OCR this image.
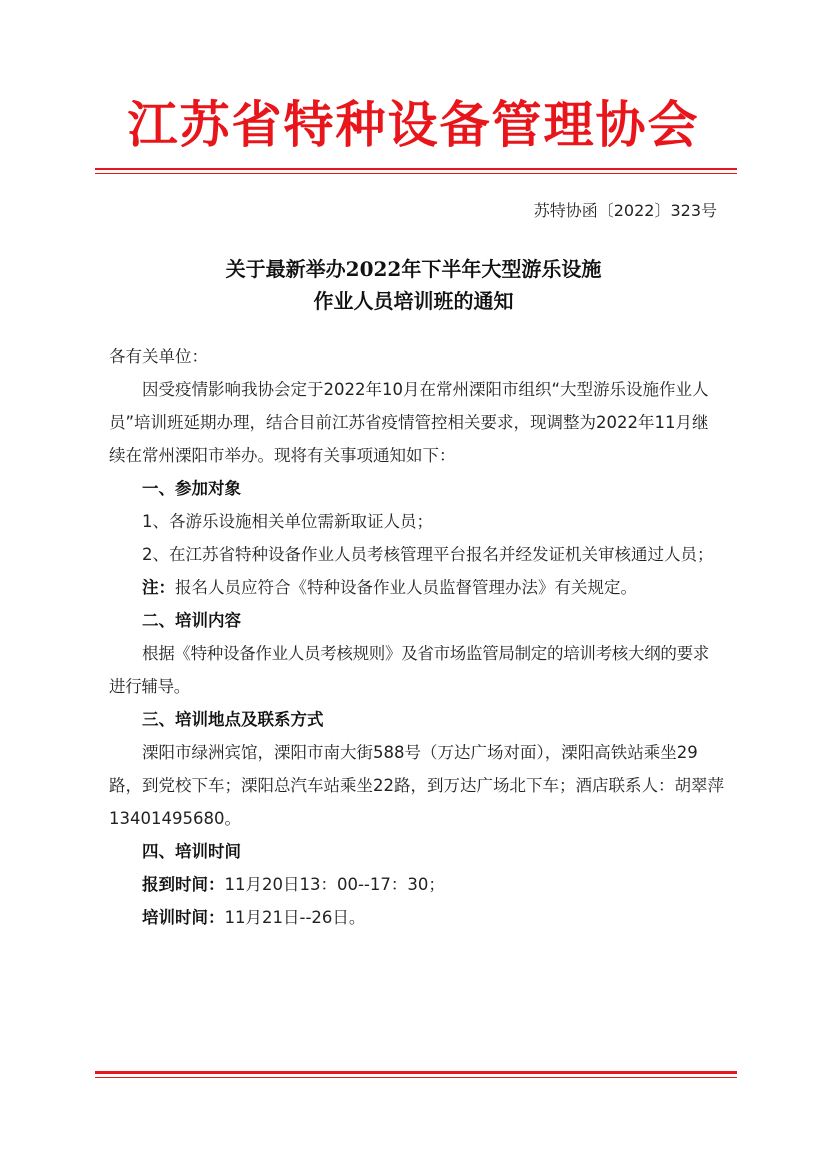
江苏省特种设备管理协会
苏特协函〔2022〕323号
关于最新举办2022年下半年大型游乐设施
作业人员培训班的通知

各有关单位：

因受疫情影响我协会定于2022年10月在常州溧阳市组织“大型游乐设施作业人员”培训班延期办理，结合目前江苏省疫情管控相关要求，现调整为2022年11月继续在常州溧阳市举办。现将有关事项通知如下：

一、参加对象

1、各游乐设施相关单位需新取证人员；

2、在江苏省特种设备作业人员考核管理平台报名并经发证机关审核通过人员；

注：报名人员应符合《特种设备作业人员监督管理办法》有关规定。

二、培训内容

根据《特种设备作业人员考核规则》及省市场监管局制定的培训考核大纲的要求进行辅导。

三、培训地点及联系方式

溧阳市绿洲宾馆，溧阳市南大街588号（万达广场对面），溧阳高铁站乘坐29路，到党校下车；溧阳总汽车站乘坐22路，到万达广场北下车；酒店联系人：胡翠萍13401495680。

四、培训时间

报到时间：11月20日13：00--17：30；

培训时间：11月21日--26日。
